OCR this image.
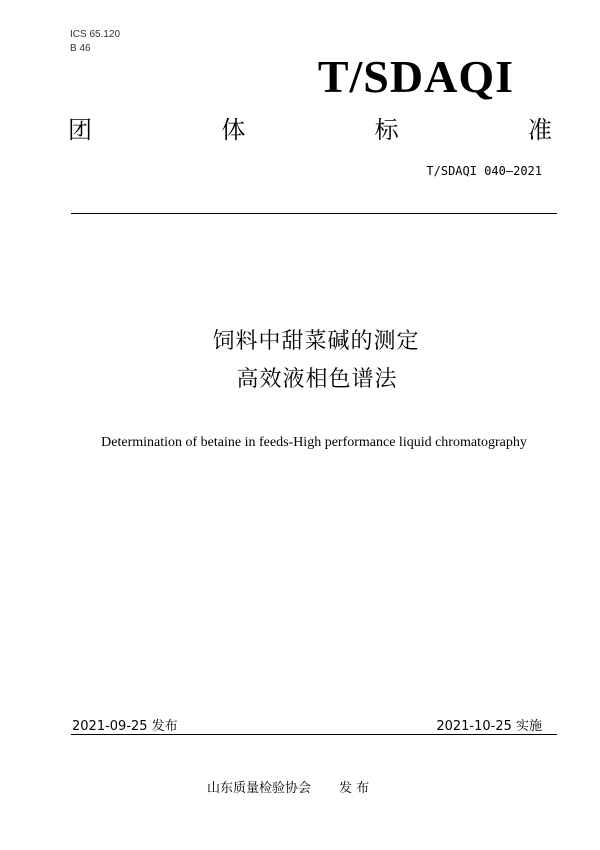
ICS 65.120
B 46
T/SDAQI
团	体	标	准
T/SDAQI 040—2021
饲料中甜菜碱的测定
高效液相色谱法
Determination of betaine in feeds-High performance liquid chromatography
2021-09-25 发布	2021-10-25 实施
山东质量检验协会 发 布
